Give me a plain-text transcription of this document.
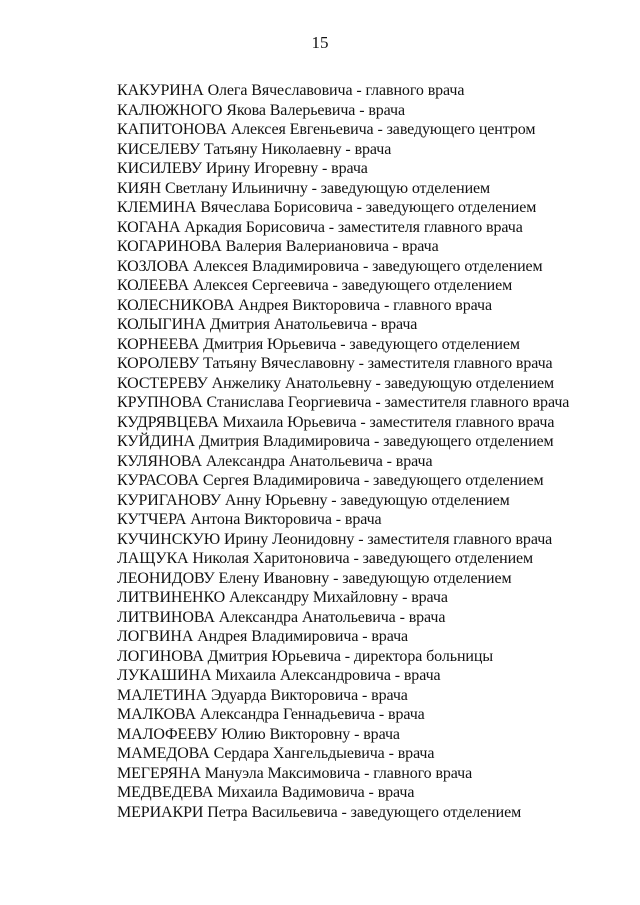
15
КАКУРИНА Олега Вячеславовича - главного врача
КАЛЮЖНОГО Якова Валерьевича - врача
КАПИТОНОВА Алексея Евгеньевича - заведующего центром
КИСЕЛЕВУ Татьяну Николаевну - врача
КИСИЛЕВУ Ирину Игоревну - врача
КИЯН Светлану Ильиничну - заведующую отделением
КЛЕМИНА Вячеслава Борисовича - заведующего отделением
КОГАНА Аркадия Борисовича - заместителя главного врача
КОГАРИНОВА Валерия Валериановича - врача
КОЗЛОВА Алексея Владимировича - заведующего отделением
КОЛЕЕВА Алексея Сергеевича - заведующего отделением
КОЛЕСНИКОВА Андрея Викторовича - главного врача
КОЛЫГИНА Дмитрия Анатольевича - врача
КОРНЕЕВА Дмитрия Юрьевича - заведующего отделением
КОРОЛЕВУ Татьяну Вячеславовну - заместителя главного врача
КОСТЕРЕВУ Анжелику Анатольевну - заведующую отделением
КРУПНОВА Станислава Георгиевича - заместителя главного врача
КУДРЯВЦЕВА Михаила Юрьевича - заместителя главного врача
КУЙДИНА Дмитрия Владимировича - заведующего отделением
КУЛЯНОВА Александра Анатольевича - врача
КУРАСОВА Сергея Владимировича - заведующего отделением
КУРИГАНОВУ Анну Юрьевну - заведующую отделением
КУТЧЕРА Антона Викторовича - врача
КУЧИНСКУЮ Ирину Леонидовну - заместителя главного врача
ЛАЩУКА Николая Харитоновича - заведующего отделением
ЛЕОНИДОВУ Елену Ивановну - заведующую отделением
ЛИТВИНЕНКО Александру Михайловну - врача
ЛИТВИНОВА Александра Анатольевича - врача
ЛОГВИНА Андрея Владимировича - врача
ЛОГИНОВА Дмитрия Юрьевича - директора больницы
ЛУКАШИНА Михаила Александровича - врача
МАЛЕТИНА Эдуарда Викторовича - врача
МАЛКОВА Александра Геннадьевича - врача
МАЛОФЕЕВУ Юлию Викторовну - врача
МАМЕДОВА Сердара Хангельдыевича - врача
МЕГЕРЯНА Мануэла Максимовича - главного врача
МЕДВЕДЕВА Михаила Вадимовича - врача
МЕРИАКРИ Петра Васильевича - заведующего отделением
